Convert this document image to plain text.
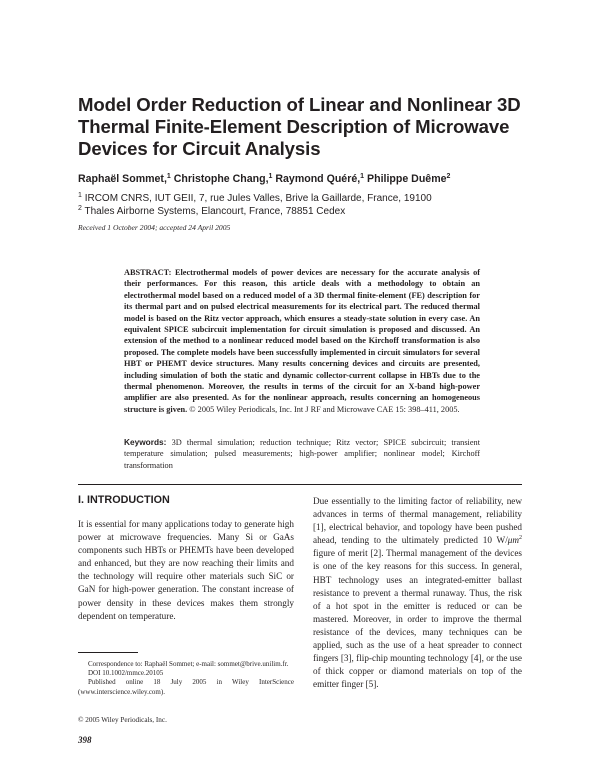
Model Order Reduction of Linear and Nonlinear 3D
Thermal Finite-Element Description of Microwave
Devices for Circuit Analysis
Raphaël Sommet,$^1$ Christophe Chang,$^1$ Raymond Quéré,$^1$ Philippe Duême$^2$
$^1$ IRCOM CNRS, IUT GEII, 7, rue Jules Valles, Brive la Gaillarde, France, 19100
$^2$ Thales Airborne Systems, Elancourt, France, 78851 Cedex
Received 1 October 2004; accepted 24 April 2005
ABSTRACT: Electrothermal models of power devices are necessary for the accurate analysis of their performances. For this reason, this article deals with a methodology to obtain an electrothermal model based on a reduced model of a 3D thermal finite-element (FE) description for its thermal part and on pulsed electrical measurements for its electrical part. The reduced thermal model is based on the Ritz vector approach, which ensures a steady-state solution in every case. An equivalent SPICE subcircuit implementation for circuit simulation is proposed and discussed. An extension of the method to a nonlinear reduced model based on the Kirchoff transformation is also proposed. The complete models have been successfully implemented in circuit simulators for several HBT or PHEMT device structures. Many results concerning devices and circuits are presented, including simulation of both the static and dynamic collector-current collapse in HBTs due to the thermal phenomenon. Moreover, the results in terms of the circuit for an X-band high-power amplifier are also presented. As for the nonlinear approach, results concerning an homogeneous structure is given. © 2005 Wiley Periodicals, Inc. Int J RF and Microwave CAE 15: 398–411, 2005.
Keywords: 3D thermal simulation; reduction technique; Ritz vector; SPICE subcircuit; transient temperature simulation; pulsed measurements; high-power amplifier; nonlinear model; Kirchoff transformation
I. INTRODUCTION

It is essential for many applications today to generate high power at microwave frequencies. Many Si or GaAs components such HBTs or PHEMTs have been developed and enhanced, but they are now reaching their limits and the technology will require other materials such SiC or GaN for high-power generation. The constant increase of power density in these devices makes them strongly dependent on temperature.

Correspondence to: Raphaël Sommet; e-mail: sommet@brive.unilim.fr.

DOI 10.1002/mmce.20105

Published online 18 July 2005 in Wiley InterScience (www.interscience.wiley.com).

© 2005 Wiley Periodicals, Inc.
398

Due essentially to the limiting factor of reliability, new advances in terms of thermal management, reliability [1], electrical behavior, and topology have been pushed ahead, tending to the ultimately predicted 10 $W/\mu m^2$ figure of merit [2]. Thermal management of the devices is one of the key reasons for this success. In general, HBT technology uses an integrated-emitter ballast resistance to prevent a thermal runaway. Thus, the risk of a hot spot in the emitter is reduced or can be mastered. Moreover, in order to improve the thermal resistance of the devices, many techniques can be applied, such as the use of a heat spreader to connect fingers [3], flip-chip mounting technology [4], or the use of thick copper or diamond materials on top of the emitter finger [5].
